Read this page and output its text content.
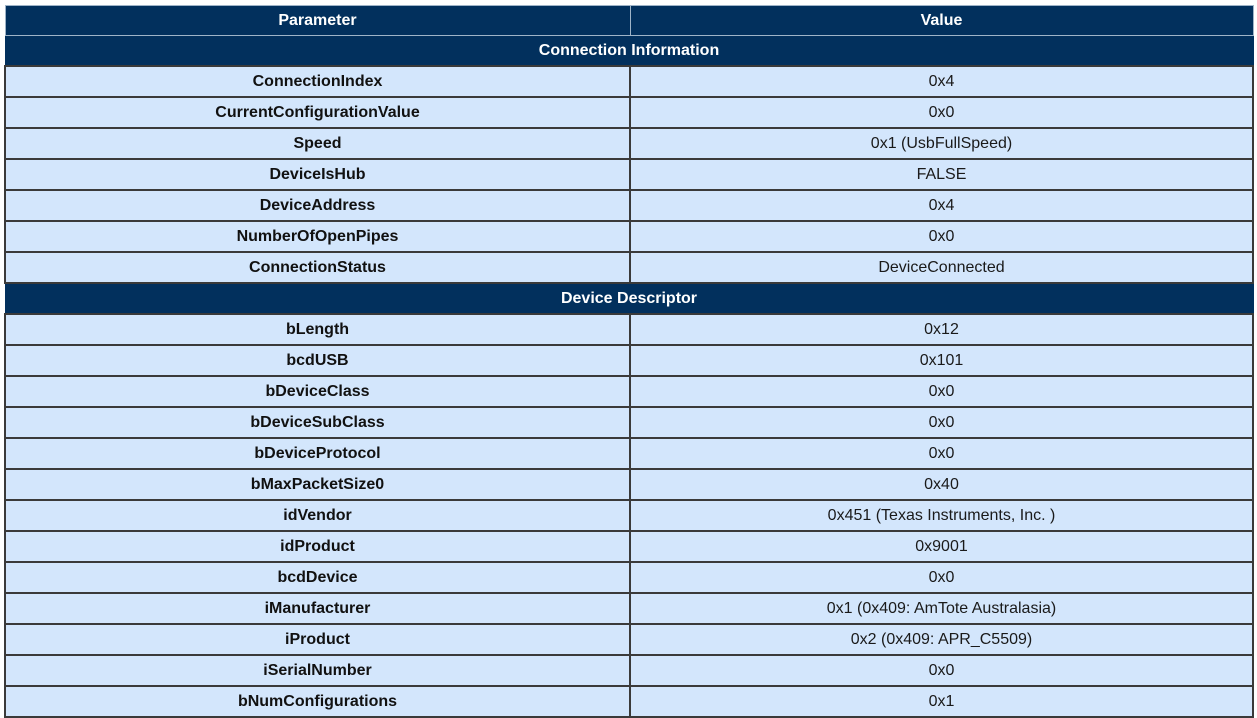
Parameter	Value
Connection Information	
ConnectionIndex	0x4
CurrentConfigurationValue	0x0
Speed	0x1 (UsbFullSpeed)
DeviceIsHub	FALSE
DeviceAddress	0x4
NumberOfOpenPipes	0x0
ConnectionStatus	DeviceConnected
Device Descriptor	
bLength	0x12
bcdUSB	0x101
bDeviceClass	0x0
bDeviceSubClass	0x0
bDeviceProtocol	0x0
bMaxPacketSize0	0x40
idVendor	0x451 (Texas Instruments, Inc. )
idProduct	0x9001
bcdDevice	0x0
iManufacturer	0x1 (0x409: AmTote Australasia)
iProduct	0x2 (0x409: APR_C5509)
iSerialNumber	0x0
bNumConfigurations	0x1
